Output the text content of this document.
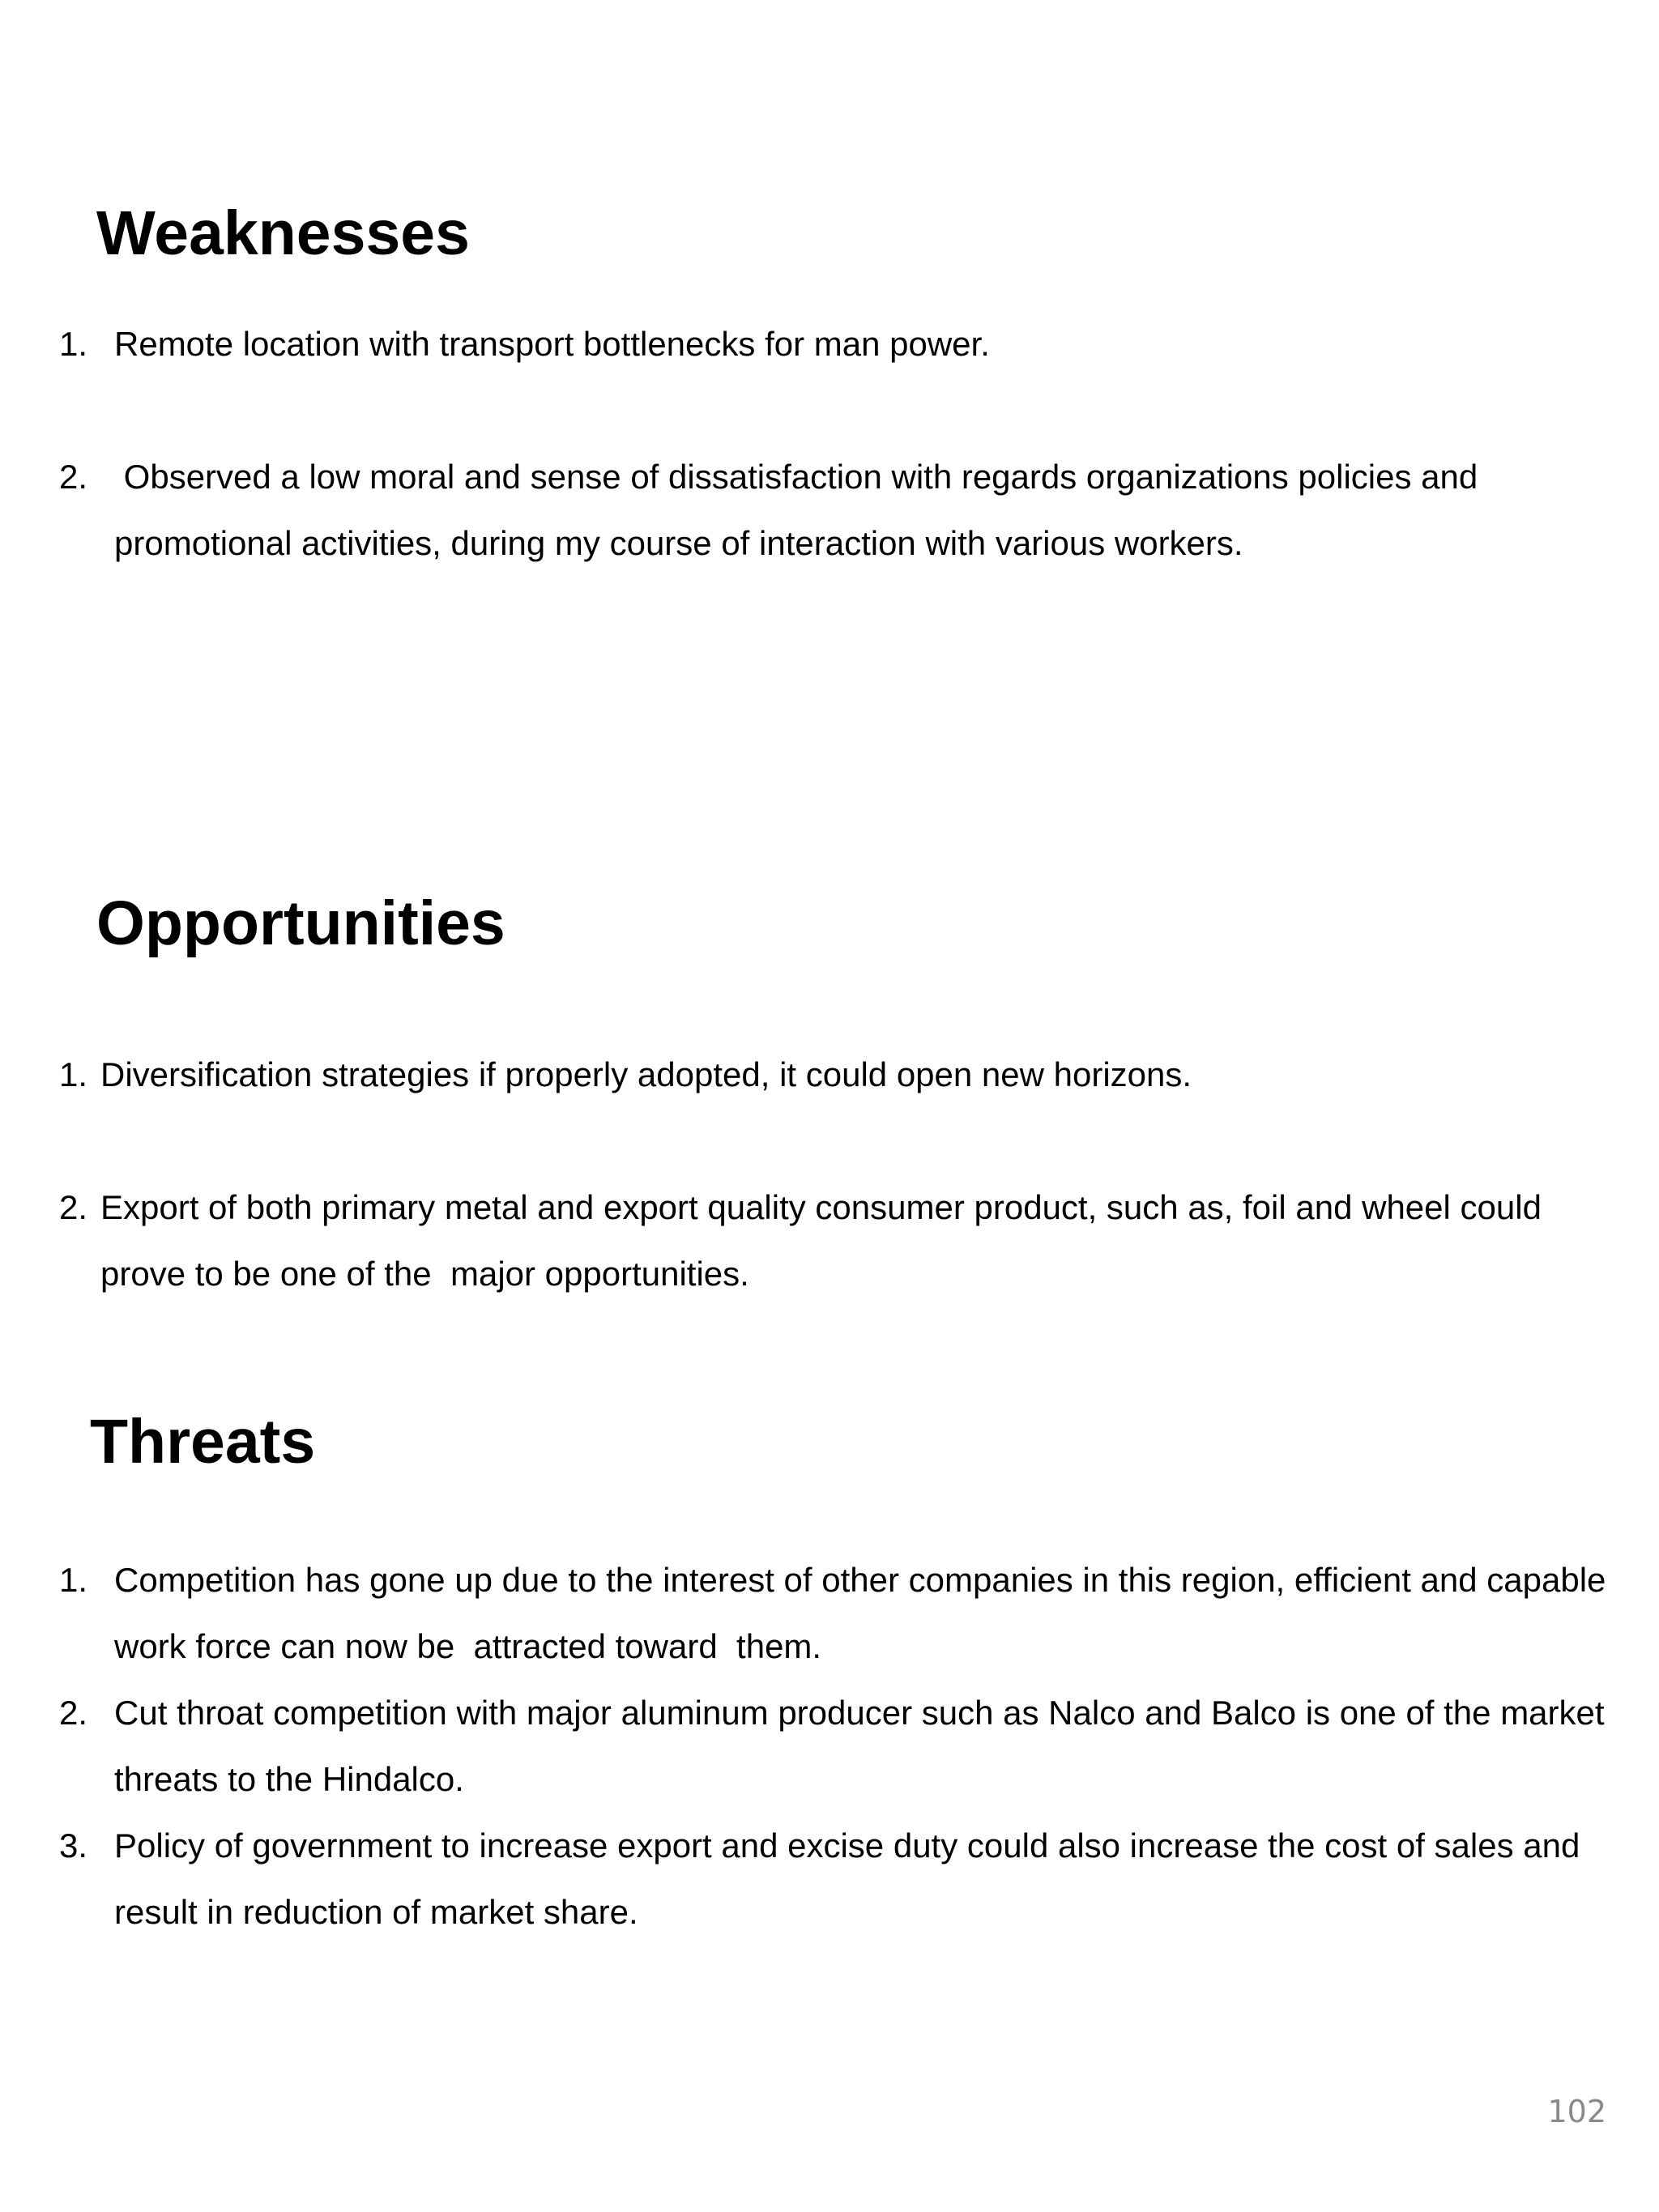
Weaknesses
1. Remote location with transport bottlenecks for man power.
2. Observed a low moral and sense of dissatisfaction with regards organizations policies and promotional activities, during my course of interaction with various workers.
Opportunities
1. Diversification strategies if properly adopted, it could open new horizons.
2. Export of both primary metal and export quality consumer product, such as, foil and wheel could prove to be one of the  major opportunities.
Threats
1. Competition has gone up due to the interest of other companies in this region, efficient and capable work force can now be  attracted toward  them.
2. Cut throat competition with major aluminum producer such as Nalco and Balco is one of the market threats to the Hindalco.
3. Policy of government to increase export and excise duty could also increase the cost of sales and result in reduction of market share.
102
